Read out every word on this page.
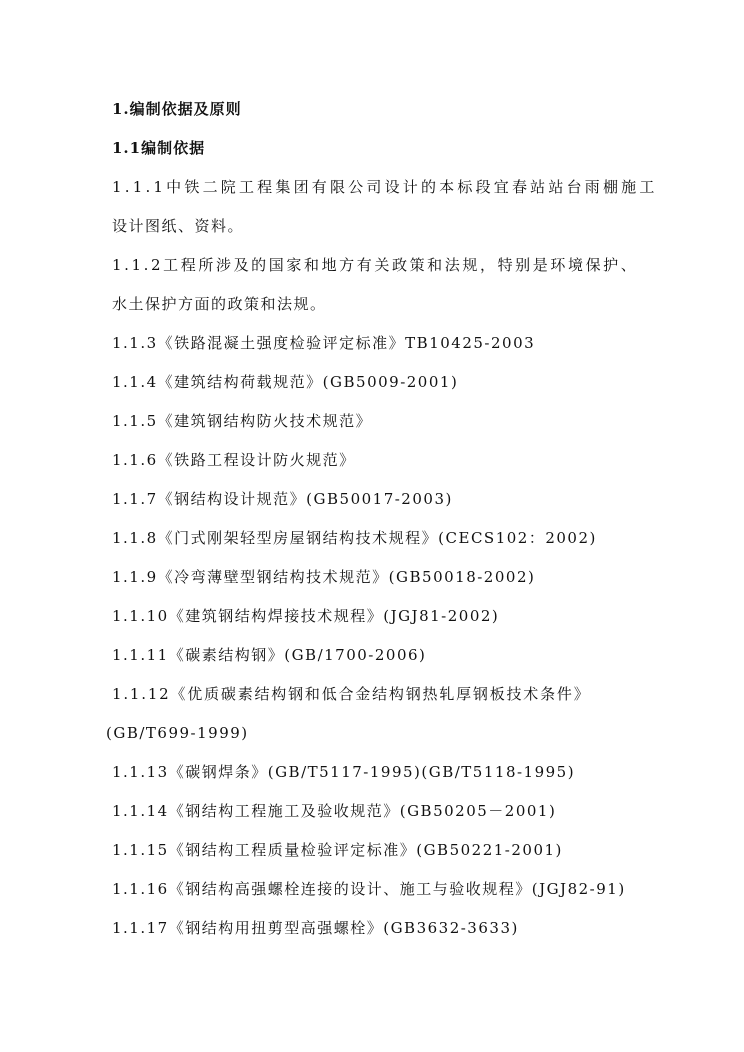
1.编制依据及原则
1.1编制依据
1.1.1中铁二院工程集团有限公司设计的本标段宜春站站台雨棚施工
设计图纸、资料。
1.1.2工程所涉及的国家和地方有关政策和法规，特别是环境保护、
水土保护方面的政策和法规。
1.1.3《铁路混凝土强度检验评定标准》TB10425-2003
1.1.4《建筑结构荷载规范》(GB5009-2001)
1.1.5《建筑钢结构防火技术规范》
1.1.6《铁路工程设计防火规范》
1.1.7《钢结构设计规范》(GB50017-2003)
1.1.8《门式刚架轻型房屋钢结构技术规程》(CECS102：2002)
1.1.9《冷弯薄壁型钢结构技术规范》(GB50018-2002)
1.1.10《建筑钢结构焊接技术规程》(JGJ81-2002)
1.1.11《碳素结构钢》(GB/1700-2006)
1.1.12《优质碳素结构钢和低合金结构钢热轧厚钢板技术条件》
(GB/T699-1999)
1.1.13《碳钢焊条》(GB/T5117-1995)(GB/T5118-1995)
1.1.14《钢结构工程施工及验收规范》(GB50205－2001)
1.1.15《钢结构工程质量检验评定标准》(GB50221-2001)
1.1.16《钢结构高强螺栓连接的设计、施工与验收规程》(JGJ82-91)
1.1.17《钢结构用扭剪型高强螺栓》(GB3632-3633)
